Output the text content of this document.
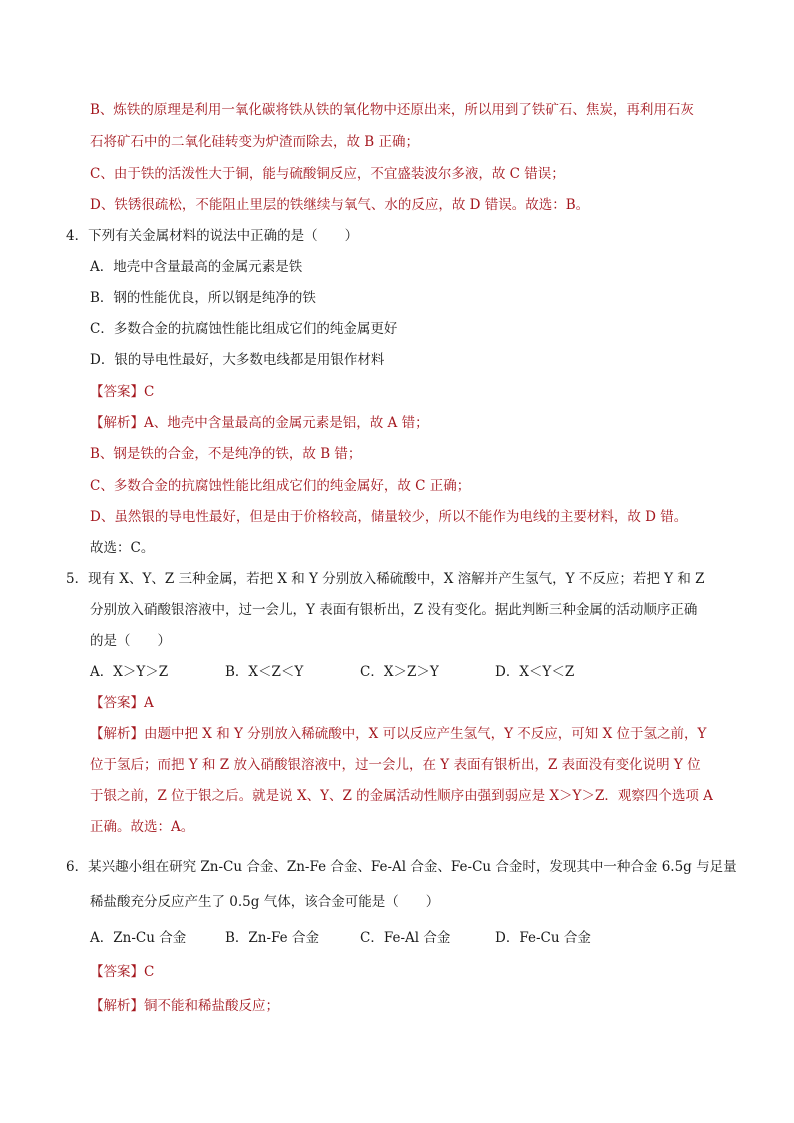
B、炼铁的原理是利用一氧化碳将铁从铁的氧化物中还原出来，所以用到了铁矿石、焦炭，再利用石灰
石将矿石中的二氧化硅转变为炉渣而除去，故 B 正确；
C、由于铁的活泼性大于铜，能与硫酸铜反应，不宜盛装波尔多液，故 C 错误；
D、铁锈很疏松，不能阻止里层的铁继续与氧气、水的反应，故 D 错误。故选：B。
4．下列有关金属材料的说法中正确的是（　　）
A．地壳中含量最高的金属元素是铁
B．钢的性能优良，所以钢是纯净的铁
C．多数合金的抗腐蚀性能比组成它们的纯金属更好
D．银的导电性最好，大多数电线都是用银作材料
【答案】C
【解析】A、地壳中含量最高的金属元素是铝，故 A 错；
B、钢是铁的合金，不是纯净的铁，故 B 错；
C、多数合金的抗腐蚀性能比组成它们的纯金属好，故 C 正确；
D、虽然银的导电性最好，但是由于价格较高，储量较少，所以不能作为电线的主要材料，故 D 错。
故选：C。
5．现有 X、Y、Z 三种金属，若把 X 和 Y 分别放入稀硫酸中，X 溶解并产生氢气，Y 不反应；若把 Y 和 Z
分别放入硝酸银溶液中，过一会儿，Y 表面有银析出，Z 没有变化。据此判断三种金属的活动顺序正确
的是（　　）
A．X＞Y＞Z	B．X＜Z＜Y	C．X＞Z＞Y	D．X＜Y＜Z
【答案】A
【解析】由题中把 X 和 Y 分别放入稀硫酸中，X 可以反应产生氢气，Y 不反应，可知 X 位于氢之前，Y
位于氢后；而把 Y 和 Z 放入硝酸银溶液中，过一会儿，在 Y 表面有银析出，Z 表面没有变化说明 Y 位
于银之前，Z 位于银之后。就是说 X、Y、Z 的金属活动性顺序由强到弱应是 X＞Y＞Z．观察四个选项 A
正确。故选：A。
6．某兴趣小组在研究 Zn-Cu 合金、Zn-Fe 合金、Fe-Al 合金、Fe-Cu 合金时，发现其中一种合金 6.5g 与足量
稀盐酸充分反应产生了 0.5g 气体，该合金可能是（　　）
A．Zn-Cu 合金	B．Zn-Fe 合金	C．Fe-Al 合金	D．Fe-Cu 合金
【答案】C
【解析】铜不能和稀盐酸反应；
